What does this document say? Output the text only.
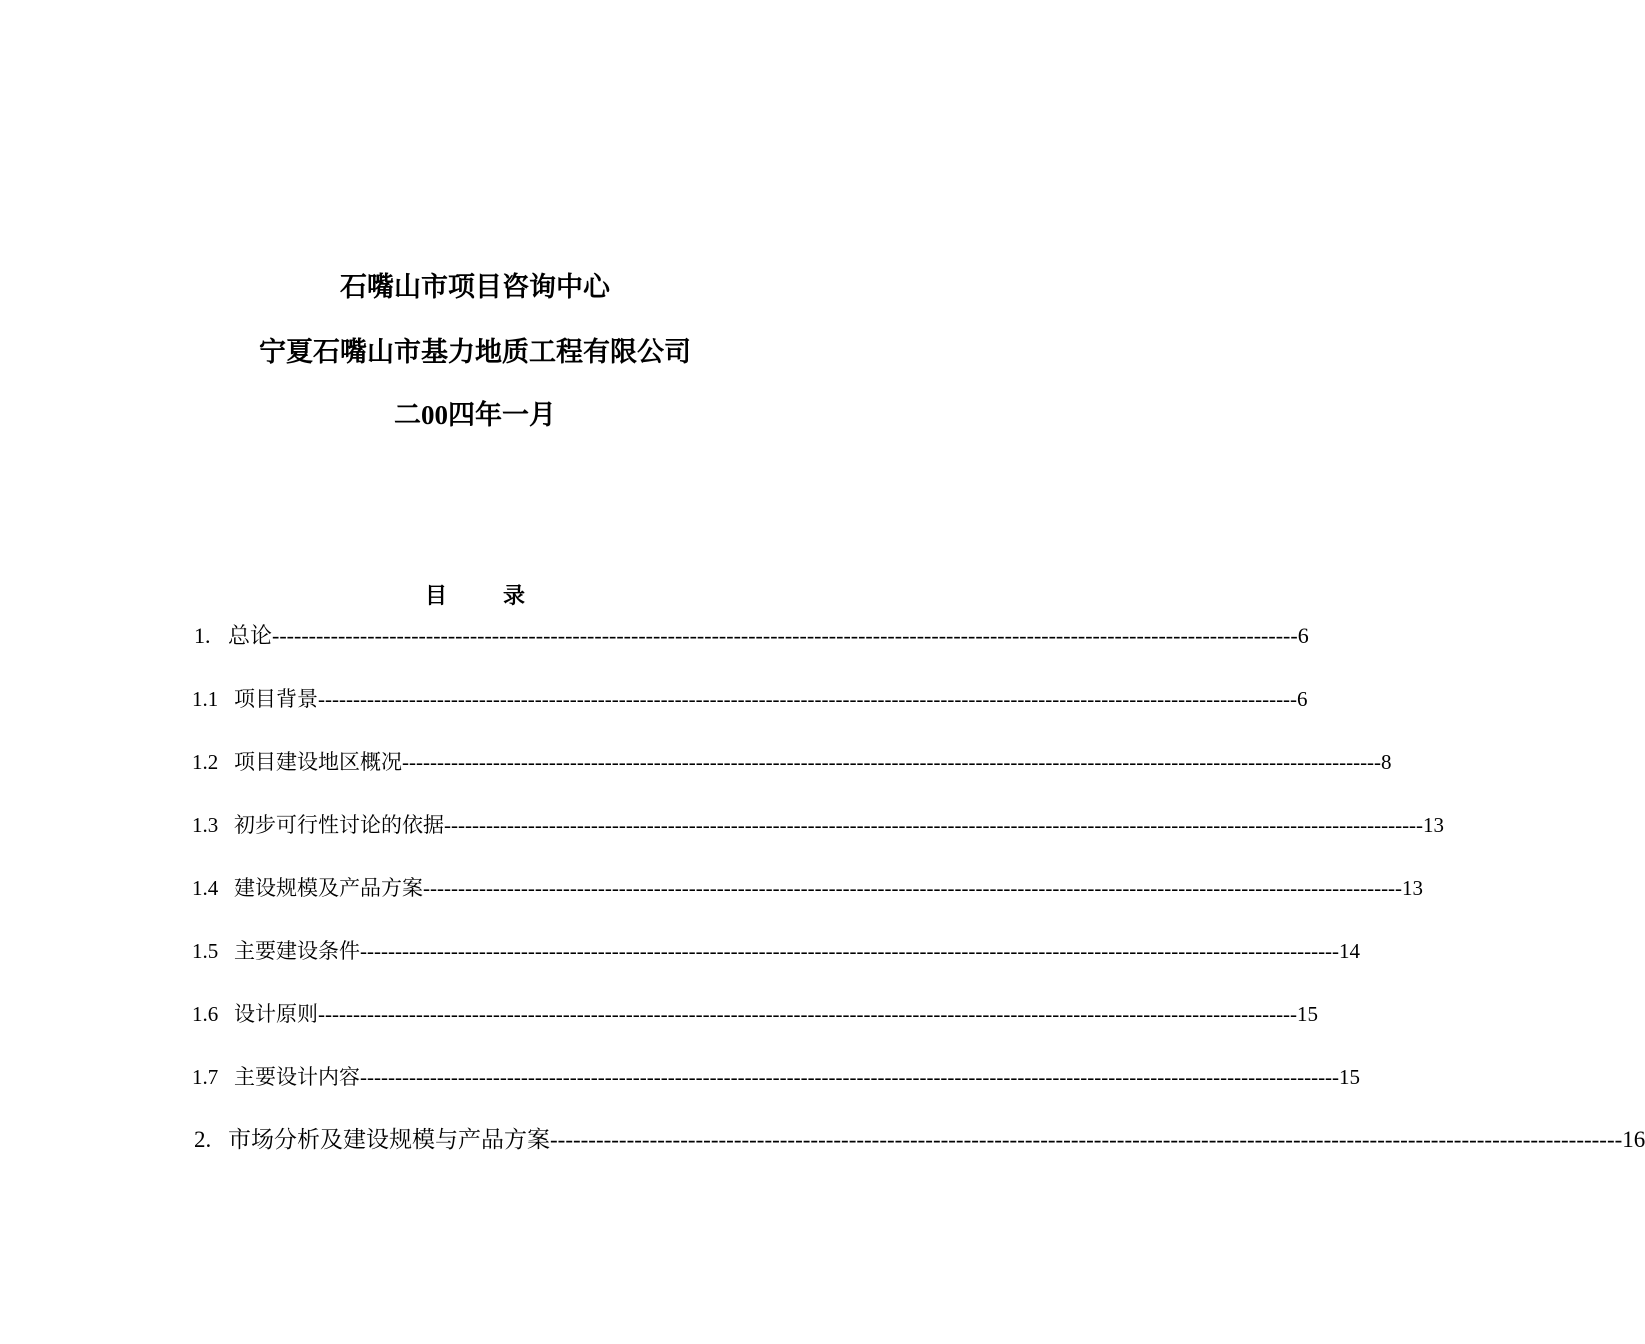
石嘴山市项目咨询中心
宁夏石嘴山市基力地质工程有限公司
二00四年一月
目	录
1. 总论 -------------------------------------------------------------------------------------------------------------------------------------------- 6
1.1 项目背景 -------------------------------------------------------------------------------------------------------------------------------------------- 6
1.2 项目建设地区概况 -------------------------------------------------------------------------------------------------------------------------------------------- 8
1.3 初步可行性讨论的依据 -------------------------------------------------------------------------------------------------------------------------------------------- 13
1.4 建设规模及产品方案 -------------------------------------------------------------------------------------------------------------------------------------------- 13
1.5 主要建设条件 -------------------------------------------------------------------------------------------------------------------------------------------- 14
1.6 设计原则 -------------------------------------------------------------------------------------------------------------------------------------------- 15
1.7 主要设计内容 -------------------------------------------------------------------------------------------------------------------------------------------- 15
2. 市场分析及建设规模与产品方案 -------------------------------------------------------------------------------------------------------------------------------------------- 16
